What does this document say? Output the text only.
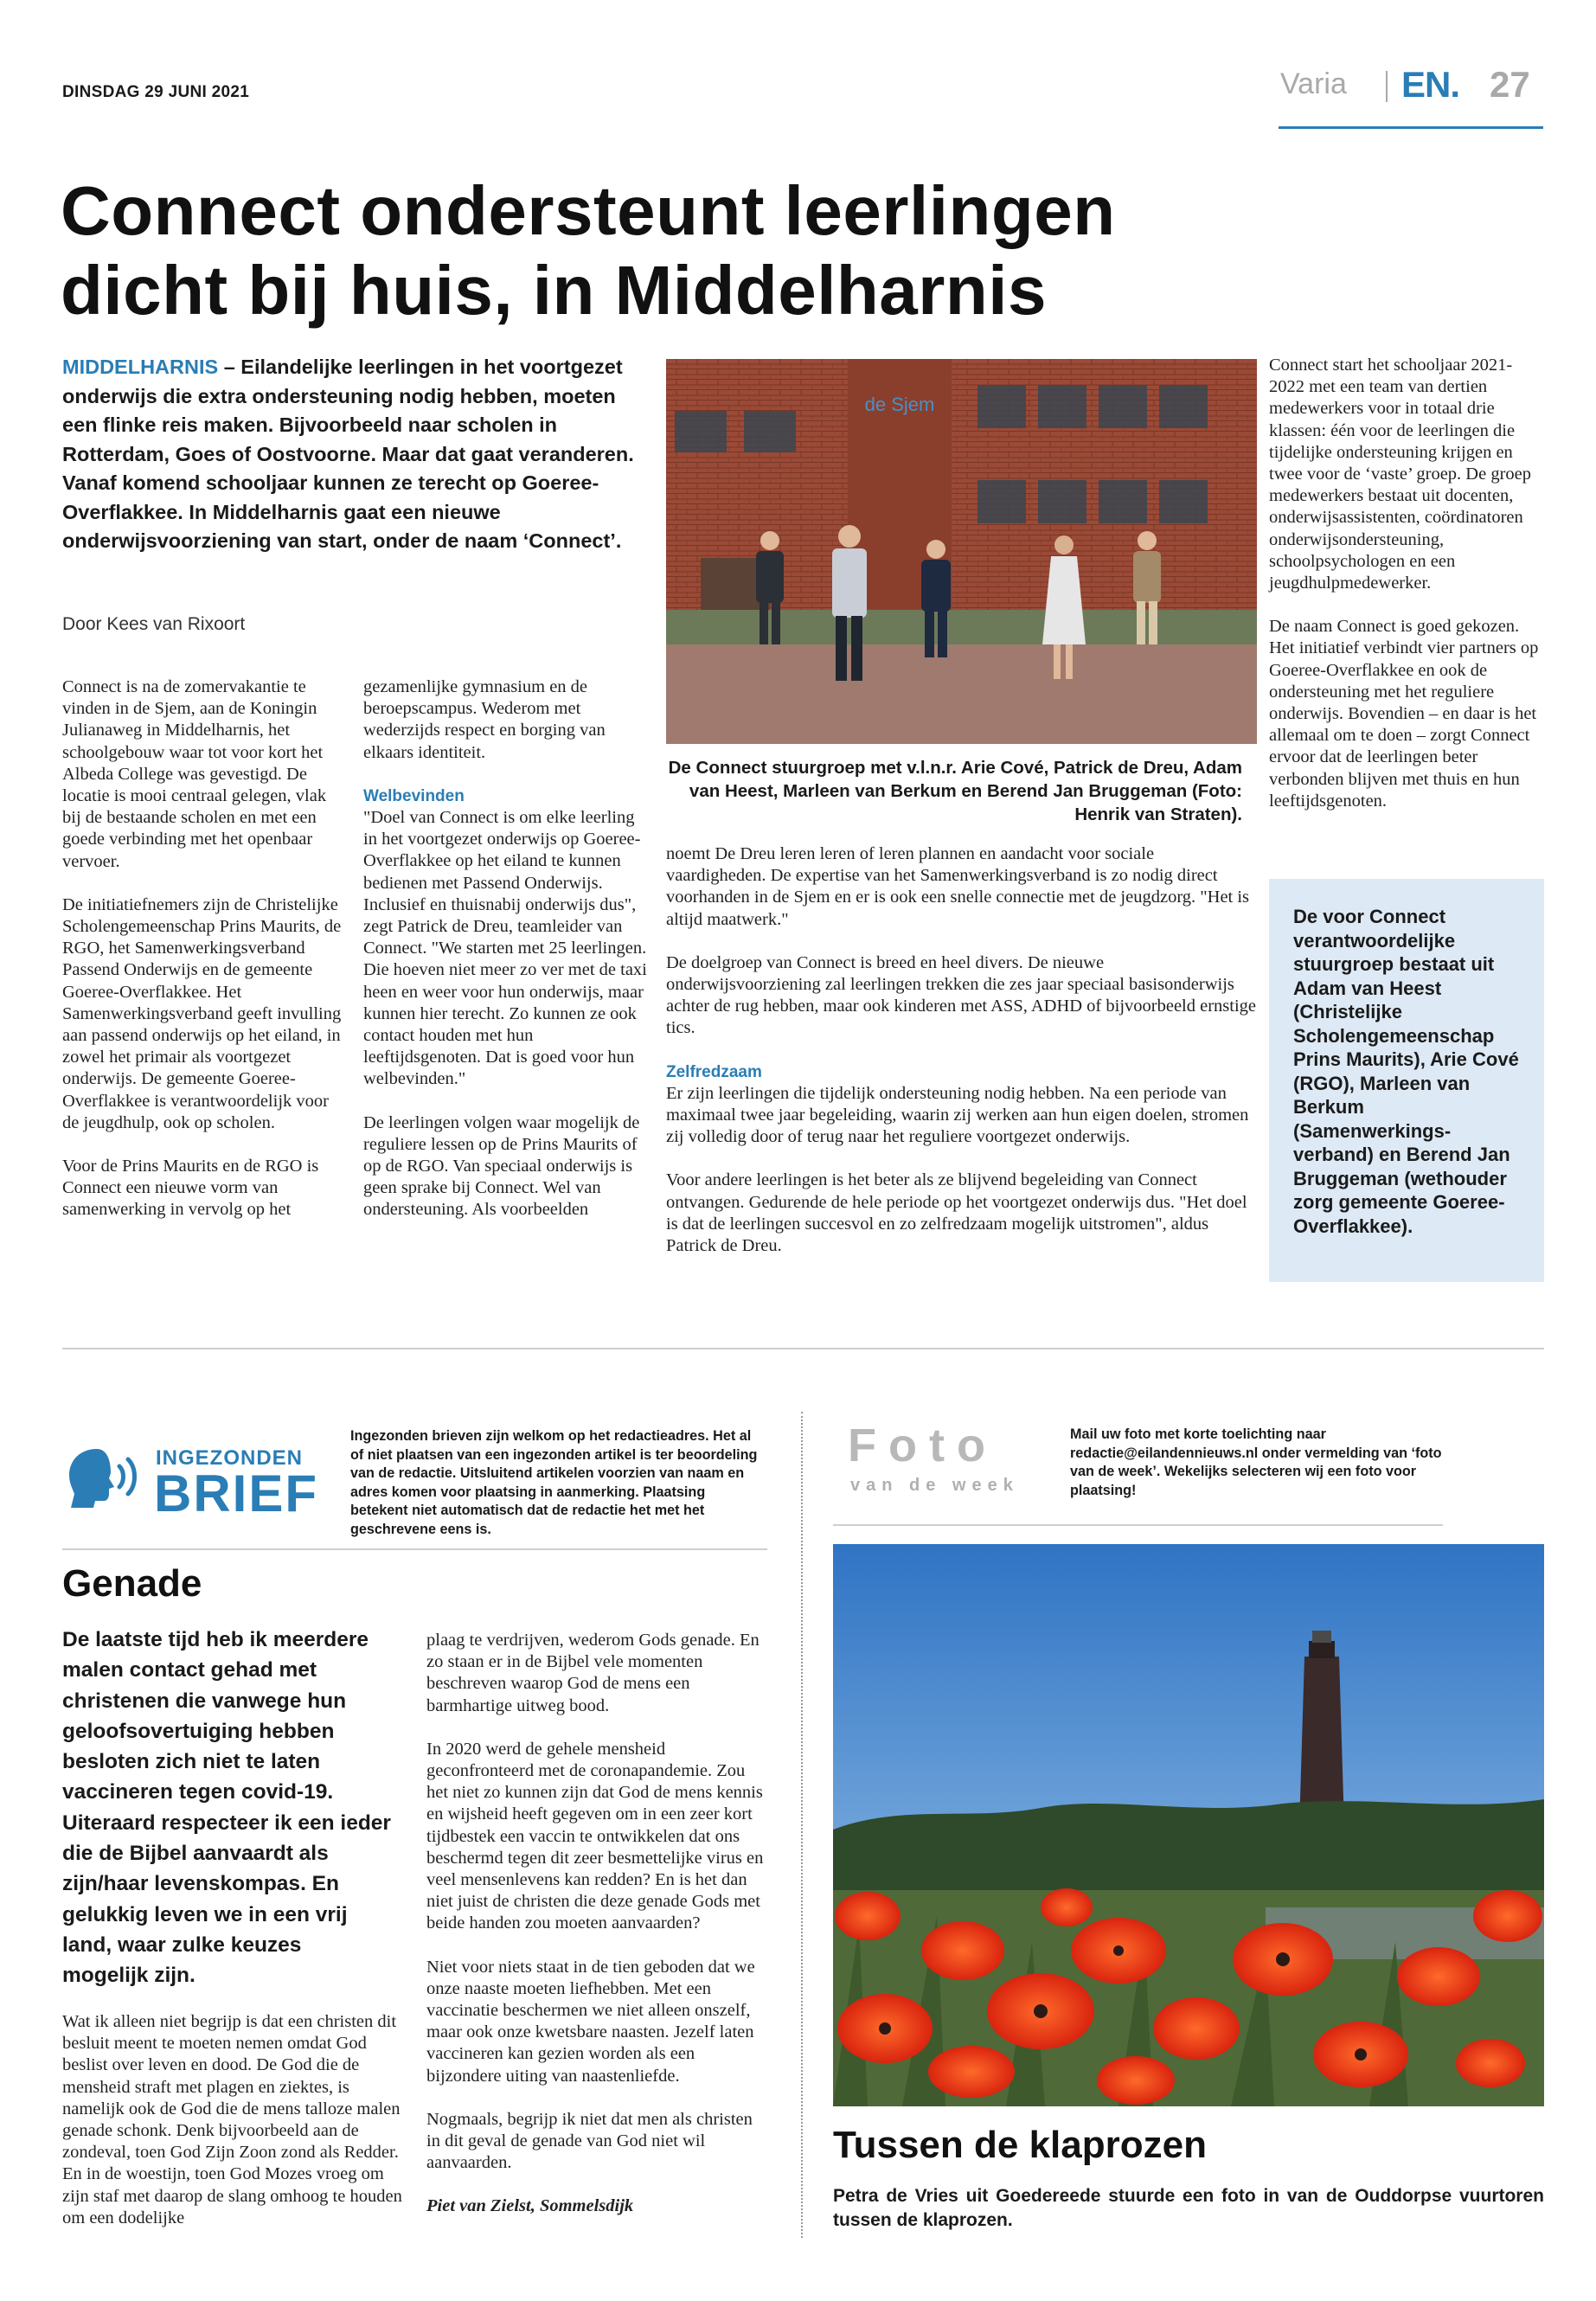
DINSDAG 29 JUNI 2021	Varia EN. 27
Connect ondersteunt leerlingen dicht bij huis, in Middelharnis
MIDDELHARNIS – Eilandelijke leerlingen in het voortgezet onderwijs die extra ondersteuning nodig hebben, moeten een flinke reis maken. Bijvoorbeeld naar scholen in Rotterdam, Goes of Oostvoorne. Maar dat gaat veranderen. Vanaf komend schooljaar kunnen ze terecht op Goeree-Overflakkee. In Middelharnis gaat een nieuwe onderwijsvoorziening van start, onder de naam ‘Connect’.
Door Kees van Rixoort

Connect is na de zomervakantie te vinden in de Sjem, aan de Koningin Julianaweg in Middelharnis, het schoolgebouw waar tot voor kort het Albeda College was gevestigd. De locatie is mooi centraal gelegen, vlak bij de bestaande scholen en met een goede verbinding met het openbaar vervoer.

De initiatiefnemers zijn de Christelijke Scholengemeenschap Prins Maurits, de RGO, het Samenwerkingsverband Passend Onderwijs en de gemeente Goeree-Overflakkee. Het Samenwerkingsverband geeft invulling aan passend onderwijs op het eiland, in zowel het primair als voortgezet onderwijs. De gemeente Goeree-Overflakkee is verantwoordelijk voor de jeugdhulp, ook op scholen.

Voor de Prins Maurits en de RGO is Connect een nieuwe vorm van samenwerking in vervolg op het

gezamenlijke gymnasium en de beroepscampus. Wederom met wederzijds respect en borging van elkaars identiteit.

Welbevinden

"Doel van Connect is om elke leerling in het voortgezet onderwijs op Goeree-Overflakkee op het eiland te kunnen bedienen met Passend Onderwijs. Inclusief en thuisnabij onderwijs dus", zegt Patrick de Dreu, teamleider van Connect. "We starten met 25 leerlingen. Die hoeven niet meer zo ver met de taxi heen en weer voor hun onderwijs, maar kunnen hier terecht. Zo kunnen ze ook contact houden met hun leeftijdsgenoten. Dat is goed voor hun welbevinden."

De leerlingen volgen waar mogelijk de reguliere lessen op de Prins Maurits of op de RGO. Van speciaal onderwijs is geen sprake bij Connect. Wel van ondersteuning. Als voorbeelden

de Sjem
De Connect stuurgroep met v.l.n.r. Arie Cové, Patrick de Dreu, Adam van Heest, Marleen van Berkum en Berend Jan Bruggeman (Foto: Henrik van Straten).

noemt De Dreu leren leren of leren plannen en aandacht voor sociale vaardigheden. De expertise van het Samenwerkingsverband is zo nodig direct voorhanden in de Sjem en er is ook een snelle connectie met de jeugdzorg. "Het is altijd maatwerk."

De doelgroep van Connect is breed en heel divers. De nieuwe onderwijsvoorziening zal leerlingen trekken die zes jaar speciaal basisonderwijs achter de rug hebben, maar ook kinderen met ASS, ADHD of bijvoorbeeld ernstige tics.

Zelfredzaam

Er zijn leerlingen die tijdelijk ondersteuning nodig hebben. Na een periode van maximaal twee jaar begeleiding, waarin zij werken aan hun eigen doelen, stromen zij volledig door of terug naar het reguliere voortgezet onderwijs.

Voor andere leerlingen is het beter als ze blijvend begeleiding van Connect ontvangen. Gedurende de hele periode op het voortgezet onderwijs dus. "Het doel is dat de leerlingen succesvol en zo zelfredzaam mogelijk uitstromen", aldus Patrick de Dreu.

Connect start het schooljaar 2021-2022 met een team van dertien medewerkers voor in totaal drie klassen: één voor de leerlingen die tijdelijke ondersteuning krijgen en twee voor de ‘vaste’ groep. De groep medewerkers bestaat uit docenten, onderwijsassistenten, coördinatoren onderwijsondersteuning, schoolpsychologen en een jeugdhulpmedewerker.

De naam Connect is goed gekozen. Het initiatief verbindt vier partners op Goeree-Overflakkee en ook de ondersteuning met het reguliere onderwijs. Bovendien – en daar is het allemaal om te doen – zorgt Connect ervoor dat de leerlingen beter verbonden blijven met thuis en hun leeftijdsgenoten.

De voor Connect verantwoordelijke stuurgroep bestaat uit Adam van Heest (Christelijke Scholengemeenschap Prins Maurits), Arie Cové (RGO), Marleen van Berkum (Samenwerkings-verband) en Berend Jan Bruggeman (wethouder zorg gemeente Goeree-Overflakkee).
INGEZONDEN
BRIEF
Ingezonden brieven zijn welkom op het redactieadres. Het al of niet plaatsen van een ingezonden artikel is ter beoordeling van de redactie. Uitsluitend artikelen voorzien van naam en adres komen voor plaatsing in aanmerking. Plaatsing betekent niet automatisch dat de redactie het met het geschrevene eens is.
Genade
De laatste tijd heb ik meerdere malen contact gehad met christenen die vanwege hun geloofsovertuiging hebben besloten zich niet te laten vaccineren tegen covid-19. Uiteraard respecteer ik een ieder die de Bijbel aanvaardt als zijn/haar levenskompas. En gelukkig leven we in een vrij land, waar zulke keuzes mogelijk zijn.

Wat ik alleen niet begrijp is dat een christen dit besluit meent te moeten nemen omdat God beslist over leven en dood. De God die de mensheid straft met plagen en ziektes, is namelijk ook de God die de mens talloze malen genade schonk. Denk bijvoorbeeld aan de zondeval, toen God Zijn Zoon zond als Redder. En in de woestijn, toen God Mozes vroeg om zijn staf met daarop de slang omhoog te houden om een dodelijke

plaag te verdrijven, wederom Gods genade. En zo staan er in de Bijbel vele momenten beschreven waarop God de mens een barmhartige uitweg bood.

In 2020 werd de gehele mensheid geconfronteerd met de coronapandemie. Zou het niet zo kunnen zijn dat God de mens kennis en wijsheid heeft gegeven om in een zeer kort tijdbestek een vaccin te ontwikkelen dat ons beschermd tegen dit zeer besmettelijke virus en veel mensenlevens kan redden? En is het dan niet juist de christen die deze genade Gods met beide handen zou moeten aanvaarden?

Niet voor niets staat in de tien geboden dat we onze naaste moeten liefhebben. Met een vaccinatie beschermen we niet alleen onszelf, maar ook onze kwetsbare naasten. Jezelf laten vaccineren kan gezien worden als een bijzondere uiting van naastenliefde.

Nogmaals, begrijp ik niet dat men als christen in dit geval de genade van God niet wil aanvaarden.

Piet van Zielst, Sommelsdijk

Foto
van de week
Mail uw foto met korte toelichting naar redactie@eilandennieuws.nl onder vermelding van ‘foto van de week’. Wekelijks selecteren wij een foto voor plaatsing!
Tussen de klaprozen
Petra de Vries uit Goedereede stuurde een foto in van de Ouddorpse vuurtoren tussen de klaprozen.
